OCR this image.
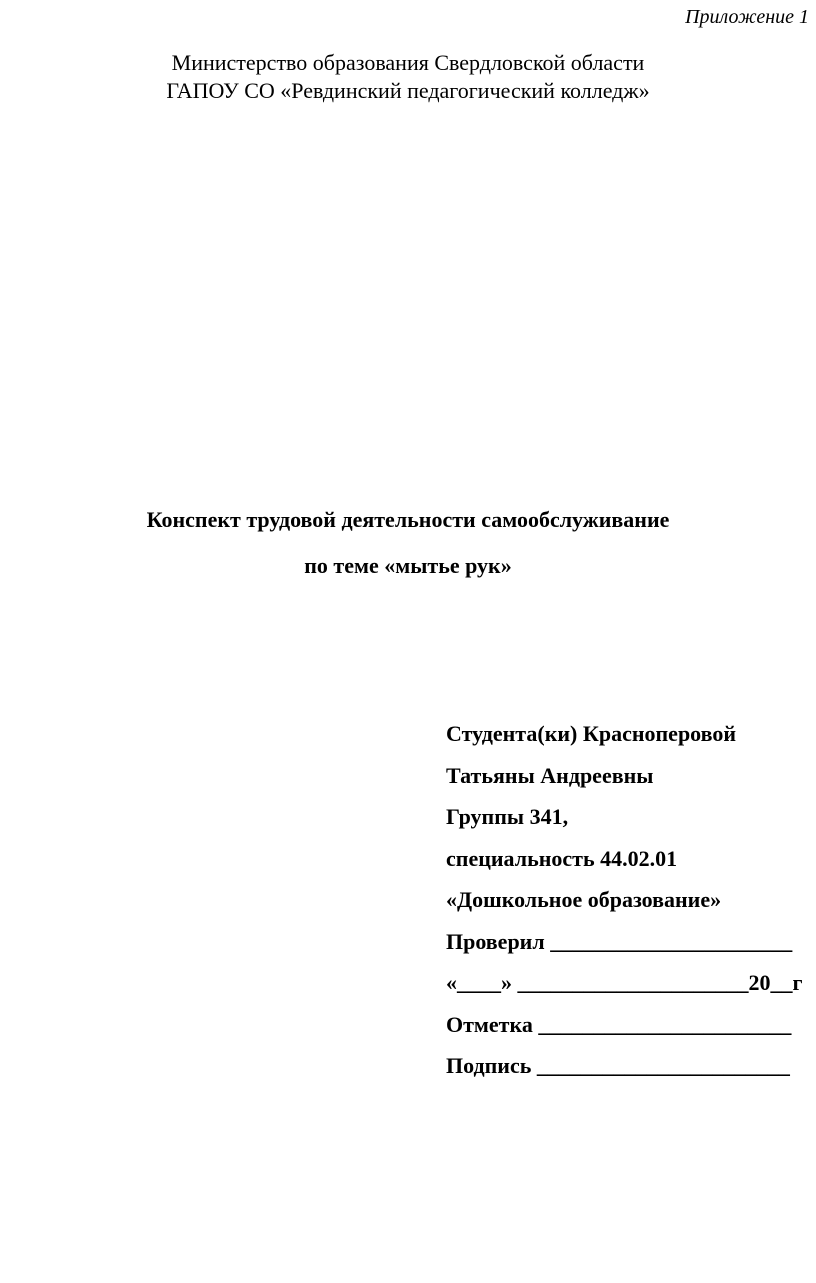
Приложение 1
Министерство образования Свердловской области
ГАПОУ СО «Ревдинский педагогический колледж»
Конспект трудовой деятельности самообслуживание
по теме «мытье рук»
Студента(ки) Красноперовой
Татьяны Андреевны
Группы 341,
специальность 44.02.01
«Дошкольное образование»
Проверил ______________________
«____» _____________________20__г
Отметка _______________________
Подпись _______________________
